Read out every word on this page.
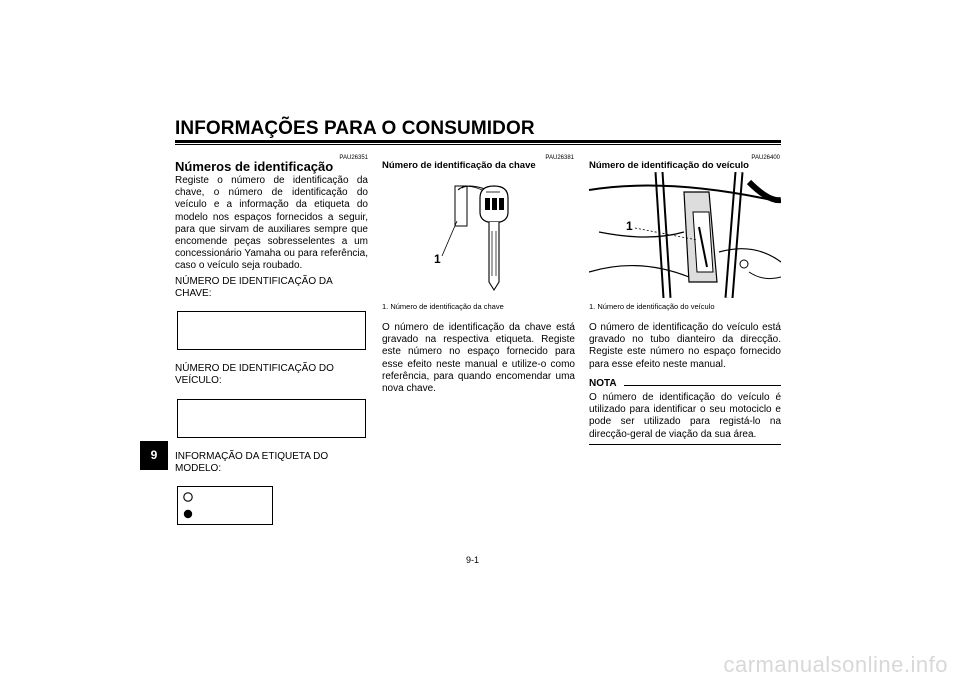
INFORMAÇÕES PARA O CONSUMIDOR
9
PAU26351
Números de identificação
Registe o número de identificação da chave, o número de identificação do veículo e a informação da etiqueta do modelo nos espaços fornecidos a seguir, para que sirvam de auxiliares sempre que encomende peças sobresselentes a um concessionário Yamaha ou para referência, caso o veículo seja roubado.
NÚMERO DE IDENTIFICAÇÃO DA CHAVE:
NÚMERO DE IDENTIFICAÇÃO DO VEÍCULO:
INFORMAÇÃO DA ETIQUETA DO MODELO:
PAU26381
Número de identificação da chave
1
1. Número de identificação da chave
O número de identificação da chave está gravado na respectiva etiqueta. Registe este número no espaço fornecido para esse efeito neste manual e utilize-o como referência, para quando encomendar uma nova chave.
PAU26400
Número de identificação do veículo
1
1. Número de identificação do veículo
O número de identificação do veículo está gravado no tubo dianteiro da direcção. Registe este número no espaço fornecido para esse efeito neste manual.
NOTA
O número de identificação do veículo é utilizado para identificar o seu motociclo e pode ser utilizado para registá-lo na direcção-geral de viação da sua área.
9-1
carmanualsonline.info
